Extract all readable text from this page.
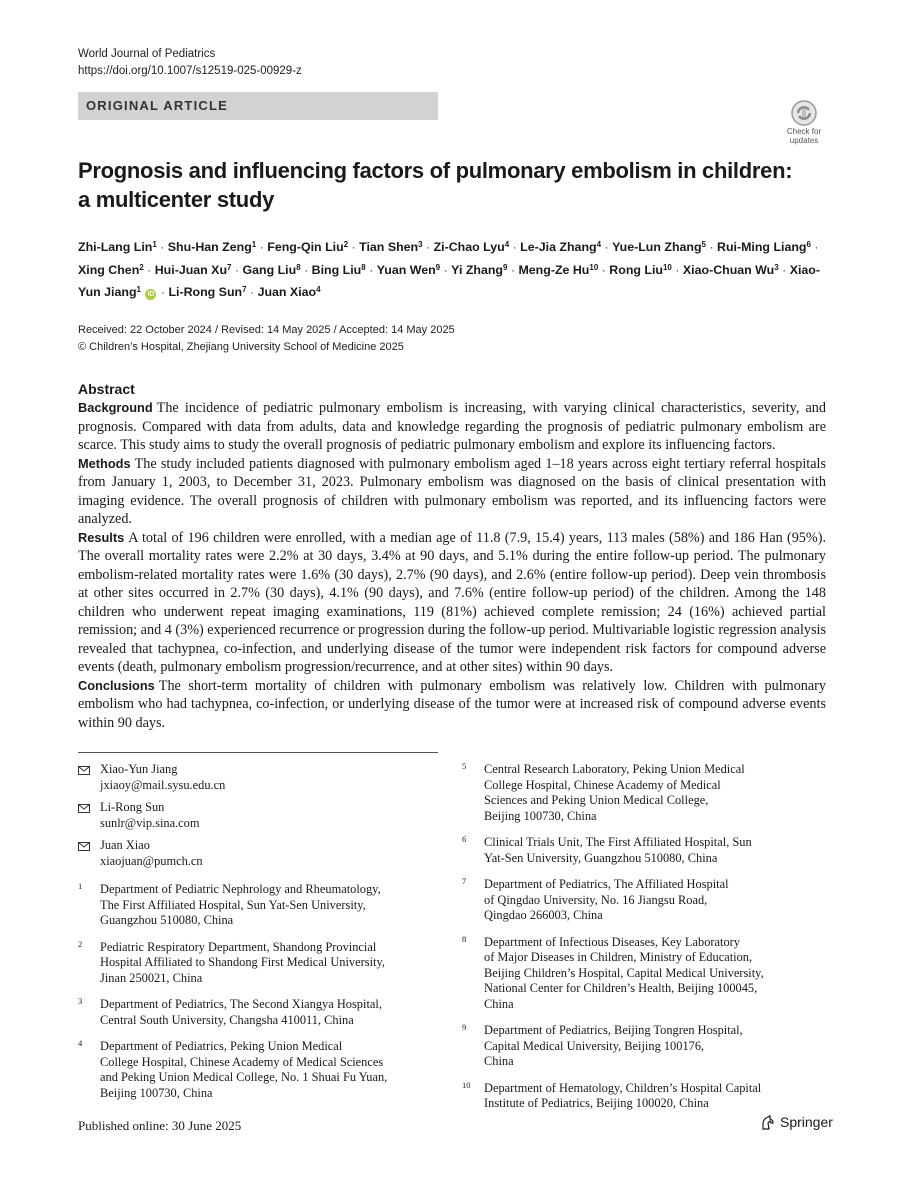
World Journal of Pediatrics
https://doi.org/10.1007/s12519-025-00929-z
ORIGINAL ARTICLE
Check for
updates
Prognosis and influencing factors of pulmonary embolism in children: a multicenter study
Zhi-Lang Lin$^1$ · Shu-Han Zeng$^1$ · Feng-Qin Liu$^2$ · Tian Shen$^3$ · Zi-Chao Lyu$^4$ · Le-Jia Zhang$^4$ · Yue-Lun Zhang$^5$ · Rui-Ming Liang$^6$ · Xing Chen$^2$ · Hui-Juan $Xu^7$ · Gang Liu$^8$ · Bing Liu$^8$ · Yuan Wen$^9$ · Yi Zhang$^9$ · Meng-Ze $Hu^{10}$ · Rong Liu$^{10}$ · Xiao-Chuan $Wu^3$ · Xiao-Yun Jiang$^1$ iD · Li-Rong Sun$^7$ · Juan Xiao$^4$
Received: 22 October 2024 / Revised: 14 May 2025 / Accepted: 14 May 2025
© Children’s Hospital, Zhejiang University School of Medicine 2025
Abstract

Background The incidence of pediatric pulmonary embolism is increasing, with varying clinical characteristics, severity, and prognosis. Compared with data from adults, data and knowledge regarding the prognosis of pediatric pulmonary embolism are scarce. This study aims to study the overall prognosis of pediatric pulmonary embolism and explore its influencing factors.

Methods The study included patients diagnosed with pulmonary embolism aged 1–18 years across eight tertiary referral hospitals from January 1, 2003, to December 31, 2023. Pulmonary embolism was diagnosed on the basis of clinical presentation with imaging evidence. The overall prognosis of children with pulmonary embolism was reported, and its influencing factors were analyzed.

Results A total of 196 children were enrolled, with a median age of 11.8 (7.9, 15.4) years, 113 males (58%) and 186 Han (95%). The overall mortality rates were 2.2% at 30 days, 3.4% at 90 days, and 5.1% during the entire follow-up period. The pulmonary embolism-related mortality rates were 1.6% (30 days), 2.7% (90 days), and 2.6% (entire follow-up period). Deep vein thrombosis at other sites occurred in 2.7% (30 days), 4.1% (90 days), and 7.6% (entire follow-up period) of the children. Among the 148 children who underwent repeat imaging examinations, 119 (81%) achieved complete remission; 24 (16%) achieved partial remission; and 4 (3%) experienced recurrence or progression during the follow-up period. Multivariable logistic regression analysis revealed that tachypnea, co-infection, and underlying disease of the tumor were independent risk factors for compound adverse events (death, pulmonary embolism progression/recurrence, and at other sites) within 90 days.

Conclusions The short-term mortality of children with pulmonary embolism was relatively low. Children with pulmonary embolism who had tachypnea, co-infection, or underlying disease of the tumor were at increased risk of compound adverse events within 90 days.

Xiao-Yun Jiang
jxiaoy@mail.sysu.edu.cn
Li-Rong Sun
sunlr@vip.sina.com
Juan Xiao
xiaojuan@pumch.cn
1 Department of Pediatric Nephrology and Rheumatology,
The First Affiliated Hospital, Sun Yat-Sen University,
Guangzhou 510080, China
2 Pediatric Respiratory Department, Shandong Provincial
Hospital Affiliated to Shandong First Medical University,
Jinan 250021, China
3 Department of Pediatrics, The Second Xiangya Hospital,
Central South University, Changsha 410011, China
4 Department of Pediatrics, Peking Union Medical
College Hospital, Chinese Academy of Medical Sciences
and Peking Union Medical College, No. 1 Shuai Fu Yuan,
Beijing 100730, China
5 Central Research Laboratory, Peking Union Medical
College Hospital, Chinese Academy of Medical
Sciences and Peking Union Medical College,
Beijing 100730, China
6 Clinical Trials Unit, The First Affiliated Hospital, Sun
Yat-Sen University, Guangzhou 510080, China
7 Department of Pediatrics, The Affiliated Hospital
of Qingdao University, No. 16 Jiangsu Road,
Qingdao 266003, China
8 Department of Infectious Diseases, Key Laboratory
of Major Diseases in Children, Ministry of Education,
Beijing Children’s Hospital, Capital Medical University,
National Center for Children’s Health, Beijing 100045,
China
9 Department of Pediatrics, Beijing Tongren Hospital,
Capital Medical University, Beijing 100176,
China
10 Department of Hematology, Children’s Hospital Capital
Institute of Pediatrics, Beijing 100020, China
Published online: 30 June 2025	Springer
